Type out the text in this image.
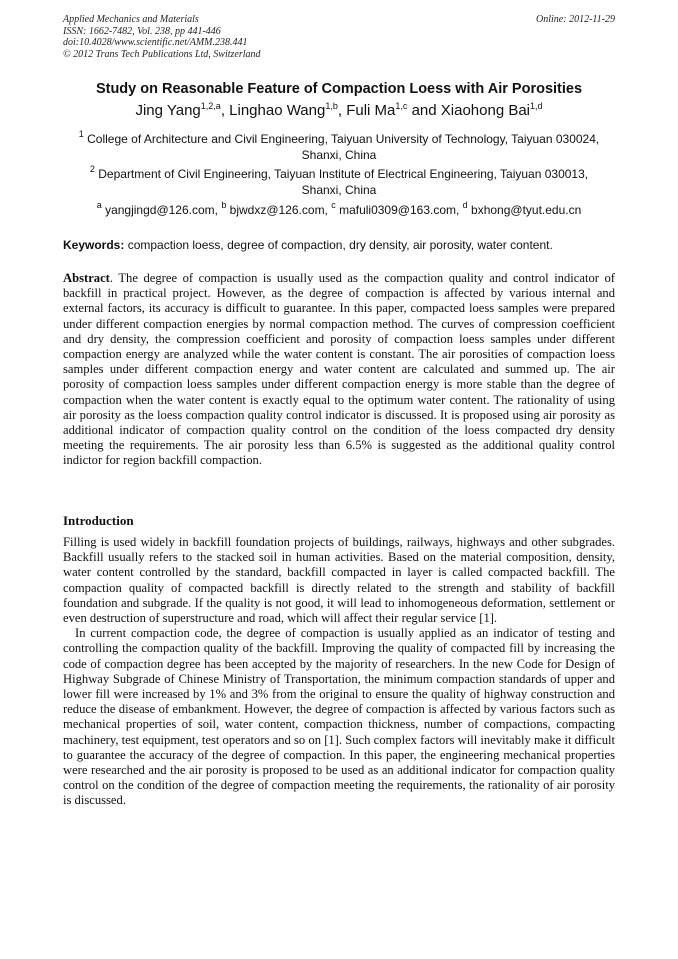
Applied Mechanics and Materials
ISSN: 1662-7482, Vol. 238, pp 441-446
doi:10.4028/www.scientific.net/AMM.238.441
© 2012 Trans Tech Publications Ltd, Switzerland
Online: 2012-11-29
Study on Reasonable Feature of Compaction Loess with Air Porosities
Jing Yang$^{1,2,a}$, Linghao Wang$^{1,b}$, Fuli Ma$^{1,c}$ and Xiaohong Bai$^{1,d}$
$^1$ College of Architecture and Civil Engineering, Taiyuan University of Technology, Taiyuan 030024,
Shanxi, China
$^2$ Department of Civil Engineering, Taiyuan Institute of Electrical Engineering, Taiyuan 030013,
Shanxi, China
$^a$ yangjingd@126.com, $^b$ bjwdxz@126.com, $^c$ mafuli0309@163.com, $^d$ bxhong@tyut.edu.cn
Keywords: compaction loess, degree of compaction, dry density, air porosity, water content.

Abstract. The degree of compaction is usually used as the compaction quality and control indicator of backfill in practical project. However, as the degree of compaction is affected by various internal and external factors, its accuracy is difficult to guarantee. In this paper, compacted loess samples were prepared under different compaction energies by normal compaction method. The curves of compression coefficient and dry density, the compression coefficient and porosity of compaction loess samples under different compaction energy are analyzed while the water content is constant. The air porosities of compaction loess samples under different compaction energy and water content are calculated and summed up. The air porosity of compaction loess samples under different compaction energy is more stable than the degree of compaction when the water content is exactly equal to the optimum water content. The rationality of using air porosity as the loess compaction quality control indicator is discussed. It is proposed using air porosity as additional indicator of compaction quality control on the condition of the loess compacted dry density meeting the requirements. The air porosity less than 6.5% is suggested as the additional quality control indictor for region backfill compaction.

Introduction

Filling is used widely in backfill foundation projects of buildings, railways, highways and other subgrades. Backfill usually refers to the stacked soil in human activities. Based on the material composition, density, water content controlled by the standard, backfill compacted in layer is called compacted backfill. The compaction quality of compacted backfill is directly related to the strength and stability of backfill foundation and subgrade. If the quality is not good, it will lead to inhomogeneous deformation, settlement or even destruction of superstructure and road, which will affect their regular service [1].

In current compaction code, the degree of compaction is usually applied as an indicator of testing and controlling the compaction quality of the backfill. Improving the quality of compacted fill by increasing the code of compaction degree has been accepted by the majority of researchers. In the new Code for Design of Highway Subgrade of Chinese Ministry of Transportation, the minimum compaction standards of upper and lower fill were increased by 1% and 3% from the original to ensure the quality of highway construction and reduce the disease of embankment. However, the degree of compaction is affected by various factors such as mechanical properties of soil, water content, compaction thickness, number of compactions, compacting machinery, test equipment, test operators and so on [1]. Such complex factors will inevitably make it difficult to guarantee the accuracy of the degree of compaction. In this paper, the engineering mechanical properties were researched and the air porosity is proposed to be used as an additional indicator for compaction quality control on the condition of the degree of compaction meeting the requirements, the rationality of air porosity is discussed.
